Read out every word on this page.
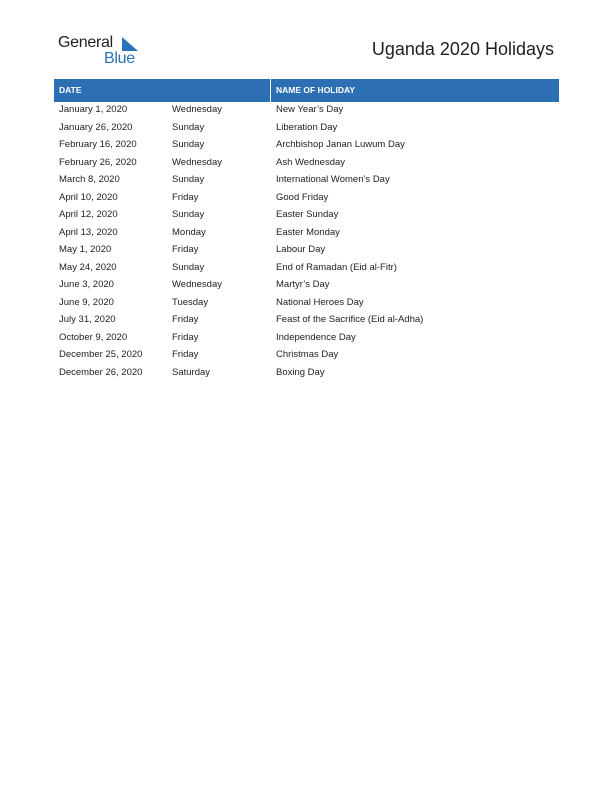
General
Blue	Uganda 2020 Holidays
DATE	NAME OF HOLIDAY
January 1, 2020	Wednesday	New Year’s Day
January 26, 2020	Sunday	Liberation Day
February 16, 2020	Sunday	Archbishop Janan Luwum Day
February 26, 2020	Wednesday	Ash Wednesday
March 8, 2020	Sunday	International Women’s Day
April 10, 2020	Friday	Good Friday
April 12, 2020	Sunday	Easter Sunday
April 13, 2020	Monday	Easter Monday
May 1, 2020	Friday	Labour Day
May 24, 2020	Sunday	End of Ramadan (Eid al-Fitr)
June 3, 2020	Wednesday	Martyr’s Day
June 9, 2020	Tuesday	National Heroes Day
July 31, 2020	Friday	Feast of the Sacrifice (Eid al-Adha)
October 9, 2020	Friday	Independence Day
December 25, 2020	Friday	Christmas Day
December 26, 2020	Saturday	Boxing Day
